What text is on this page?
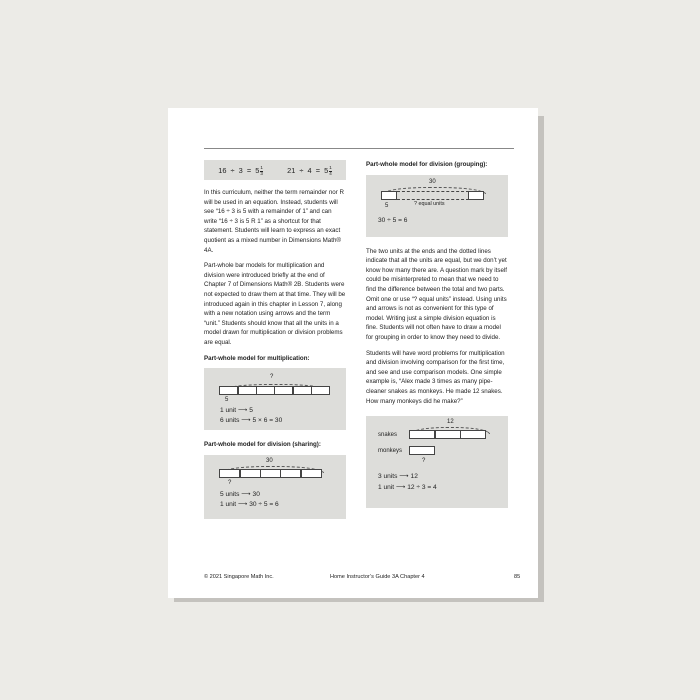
$16 \div 3 = 5 \frac{1}{3}$	$21 \div 4 = 5 \frac{1}{4}$

In this curriculum, neither the term remainder nor R will be used in an equation. Instead, students will see “16 ÷ 3 is 5 with a remainder of 1” and can write “16 ÷ 3 is 5 R 1” as a shortcut for that statement. Students will learn to express an exact quotient as a mixed number in Dimensions Math® 4A.

Part-whole bar models for multiplication and division were introduced briefly at the end of Chapter 7 of Dimensions Math® 2B. Students were not expected to draw them at that time. They will be introduced again in this chapter in Lesson 7, along with a new notation using arrows and the term “unit.” Students should know that all the units in a model drawn for multiplication or division problems are equal.

Part-whole model for multiplication:

?
5
1 unit ⟶ 5
6 units ⟶ 5 × 6 = 30

Part-whole model for division (sharing):

30
?
5 units ⟶ 30
1 unit ⟶ 30 ÷ 5 = 6

Part-whole model for division (grouping):

30
5	? equal units
30 ÷ 5 = 6

The two units at the ends and the dotted lines indicate that all the units are equal, but we don’t yet know how many there are. A question mark by itself could be misinterpreted to mean that we need to find the difference between the total and two parts. Omit one or use “? equal units” instead. Using units and arrows is not as convenient for this type of model. Writing just a simple division equation is fine. Students will not often have to draw a model for grouping in order to know they need to divide.

Students will have word problems for multiplication and division involving comparison for the first time, and see and use comparison models. One simple example is, “Alex made 3 times as many pipe-cleaner snakes as monkeys. He made 12 snakes. How many monkeys did he make?”

12
snakes
monkeys
?
3 units ⟶ 12
1 unit ⟶ 12 ÷ 3 = 4
© 2021 Singapore Math Inc.	Home Instructor’s Guide 3A Chapter 4	85
